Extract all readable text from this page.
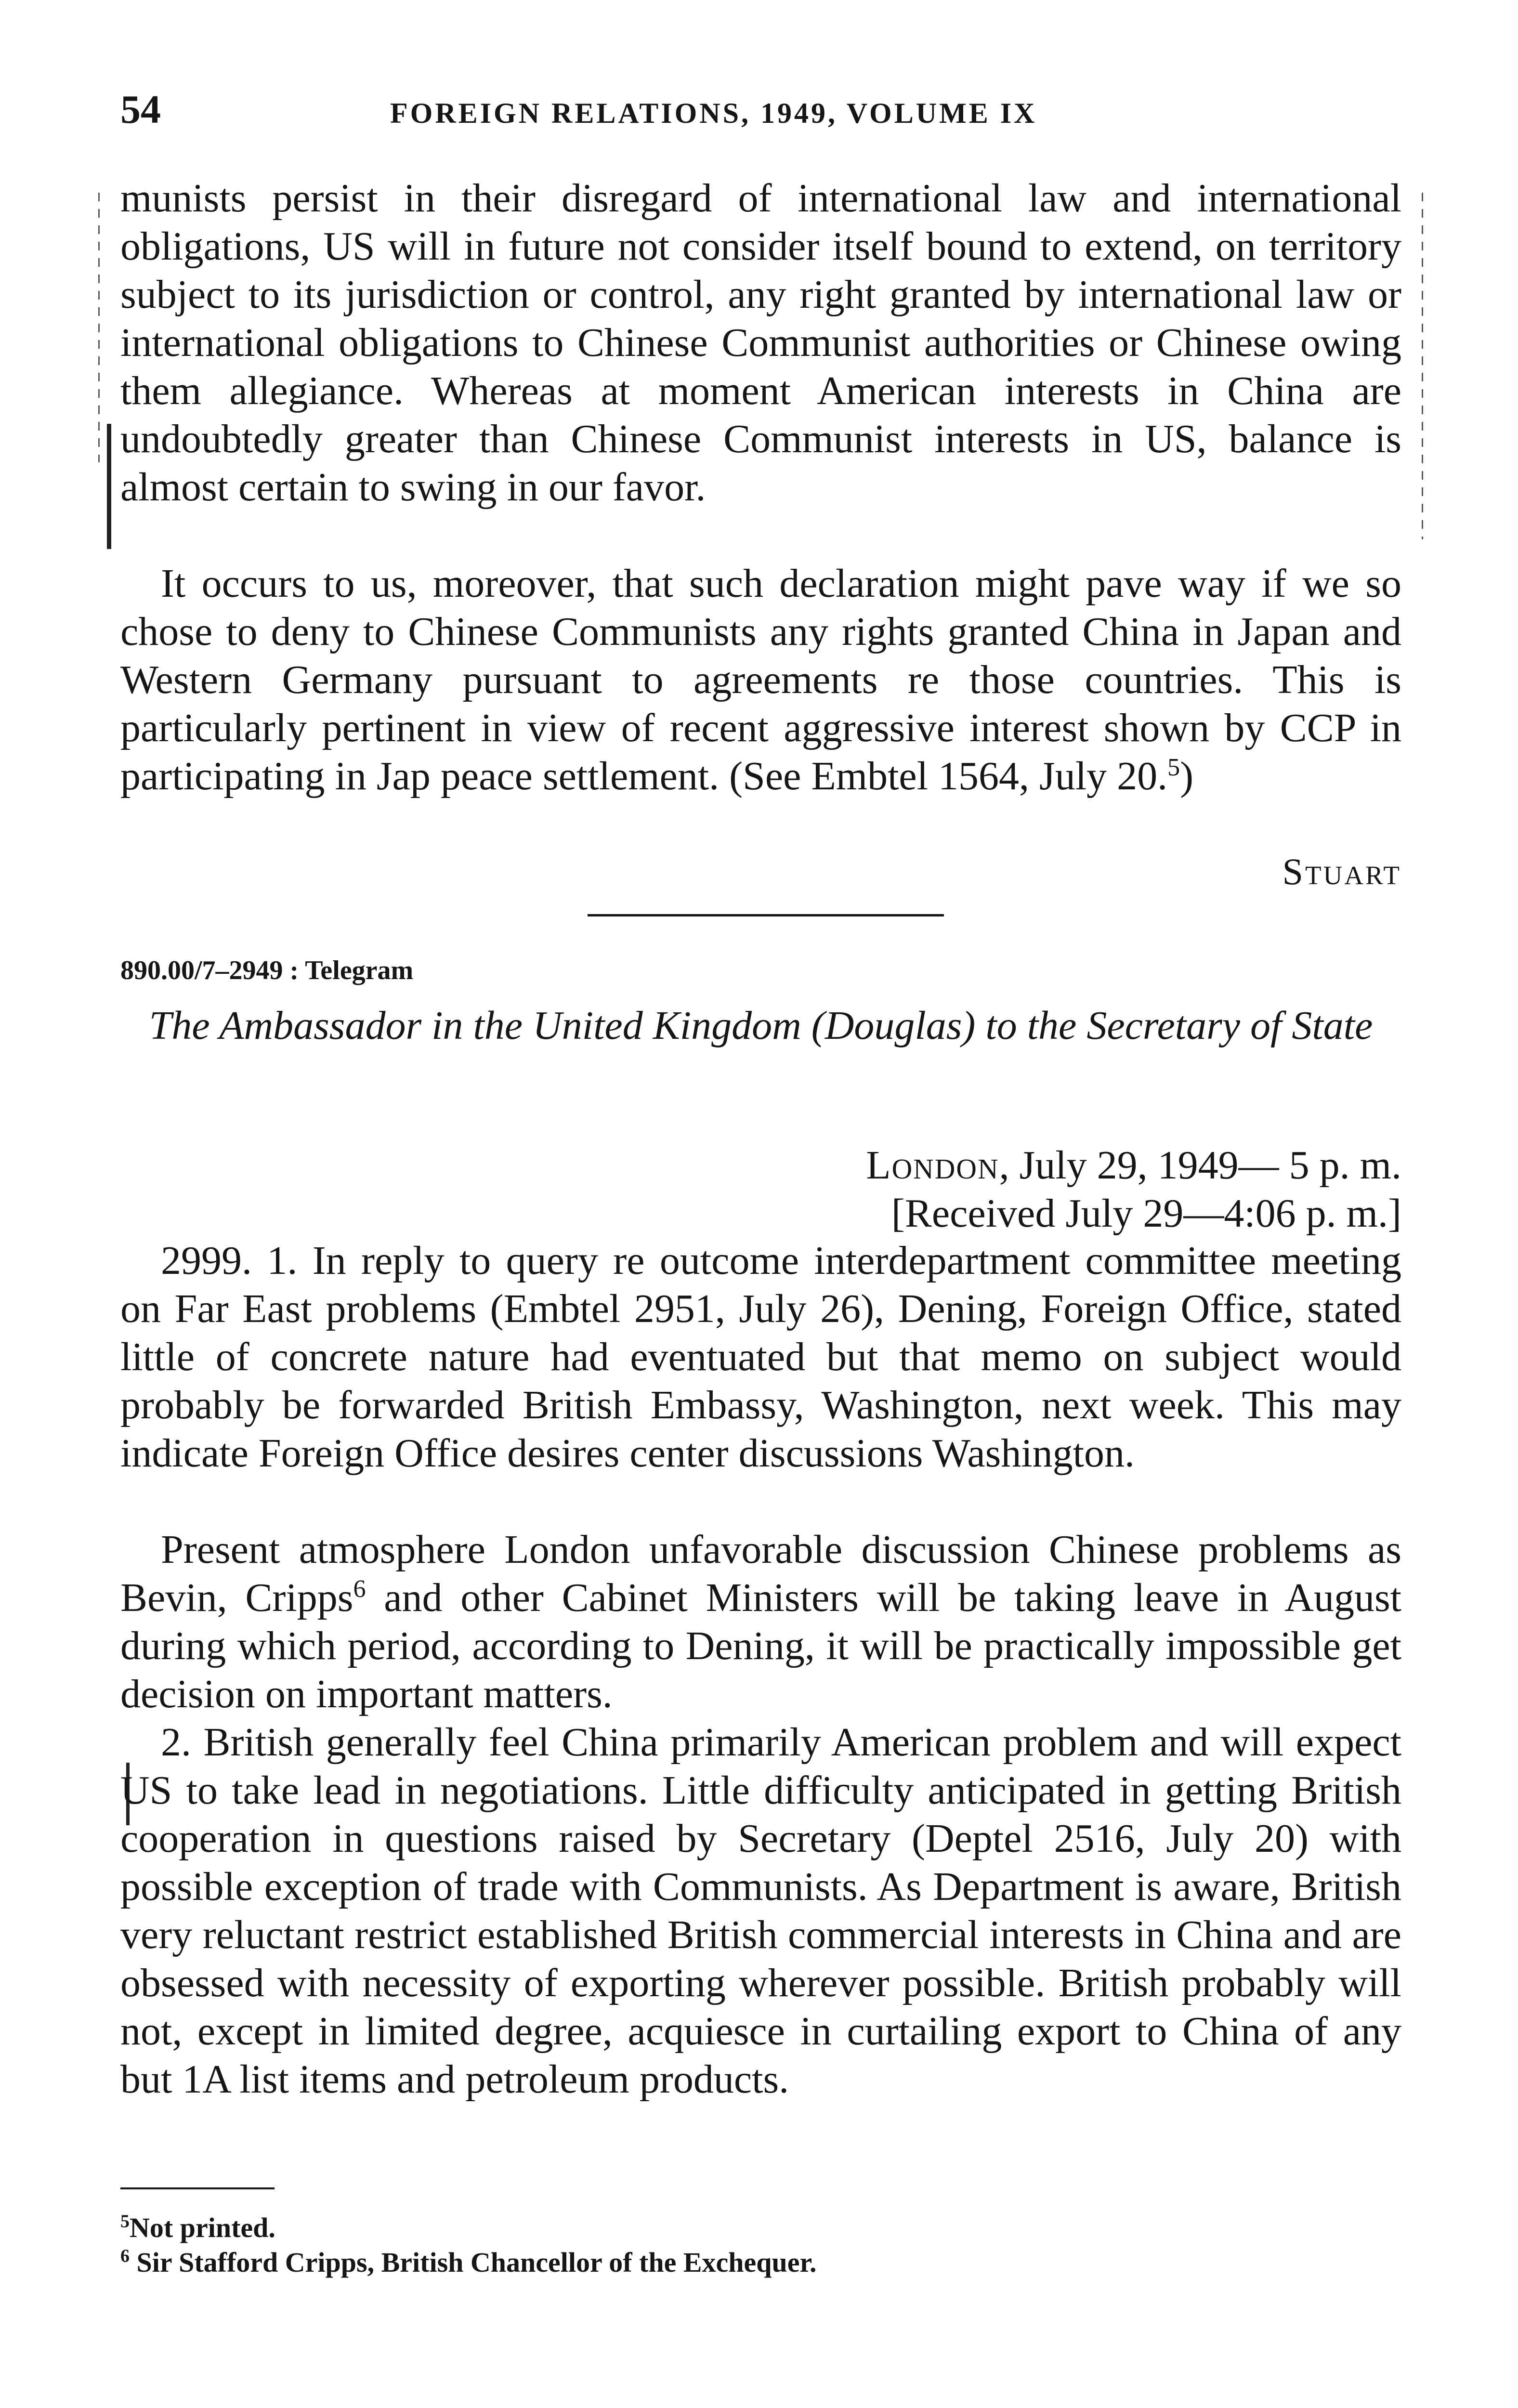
54	FOREIGN RELATIONS, 1949, VOLUME IX

munists persist in their disregard of international law and international obligations, US will in future not consider itself bound to extend, on territory subject to its jurisdiction or control, any right granted by international law or international obligations to Chinese Communist authorities or Chinese owing them allegiance. Whereas at moment American interests in China are undoubtedly greater than Chinese Communist interests in US, balance is almost certain to swing in our favor.

It occurs to us, moreover, that such declaration might pave way if we so chose to deny to Chinese Communists any rights granted China in Japan and Western Germany pursuant to agreements re those countries. This is particularly pertinent in view of recent aggressive interest shown by CCP in participating in Jap peace settlement. (See Embtel 1564, July 20.$^5$)

Stuart
890.00/7–2949 : Telegram
The Ambassador in the United Kingdom (Douglas) to the Secretary of State
London, July 29, 1949— 5 p. m.
[Received July 29—4:06 p. m.]

2999. 1. In reply to query re outcome interdepartment committee meeting on Far East problems (Embtel 2951, July 26), Dening, Foreign Office, stated little of concrete nature had eventuated but that memo on subject would probably be forwarded British Embassy, Washington, next week. This may indicate Foreign Office desires center discussions Washington.

Present atmosphere London unfavorable discussion Chinese problems as Bevin, Cripps$^6$ and other Cabinet Ministers will be taking leave in August during which period, according to Dening, it will be practically impossible get decision on important matters.

2. British generally feel China primarily American problem and will expect US to take lead in negotiations. Little difficulty anticipated in getting British cooperation in questions raised by Secretary (Deptel 2516, July 20) with possible exception of trade with Communists. As Department is aware, British very reluctant restrict established British commercial interests in China and are obsessed with necessity of exporting wherever possible. British probably will not, except in limited degree, acquiesce in curtailing export to China of any but 1A list items and petroleum products.

$^5$Not printed.
$^6$ Sir Stafford Cripps, British Chancellor of the Exchequer.
